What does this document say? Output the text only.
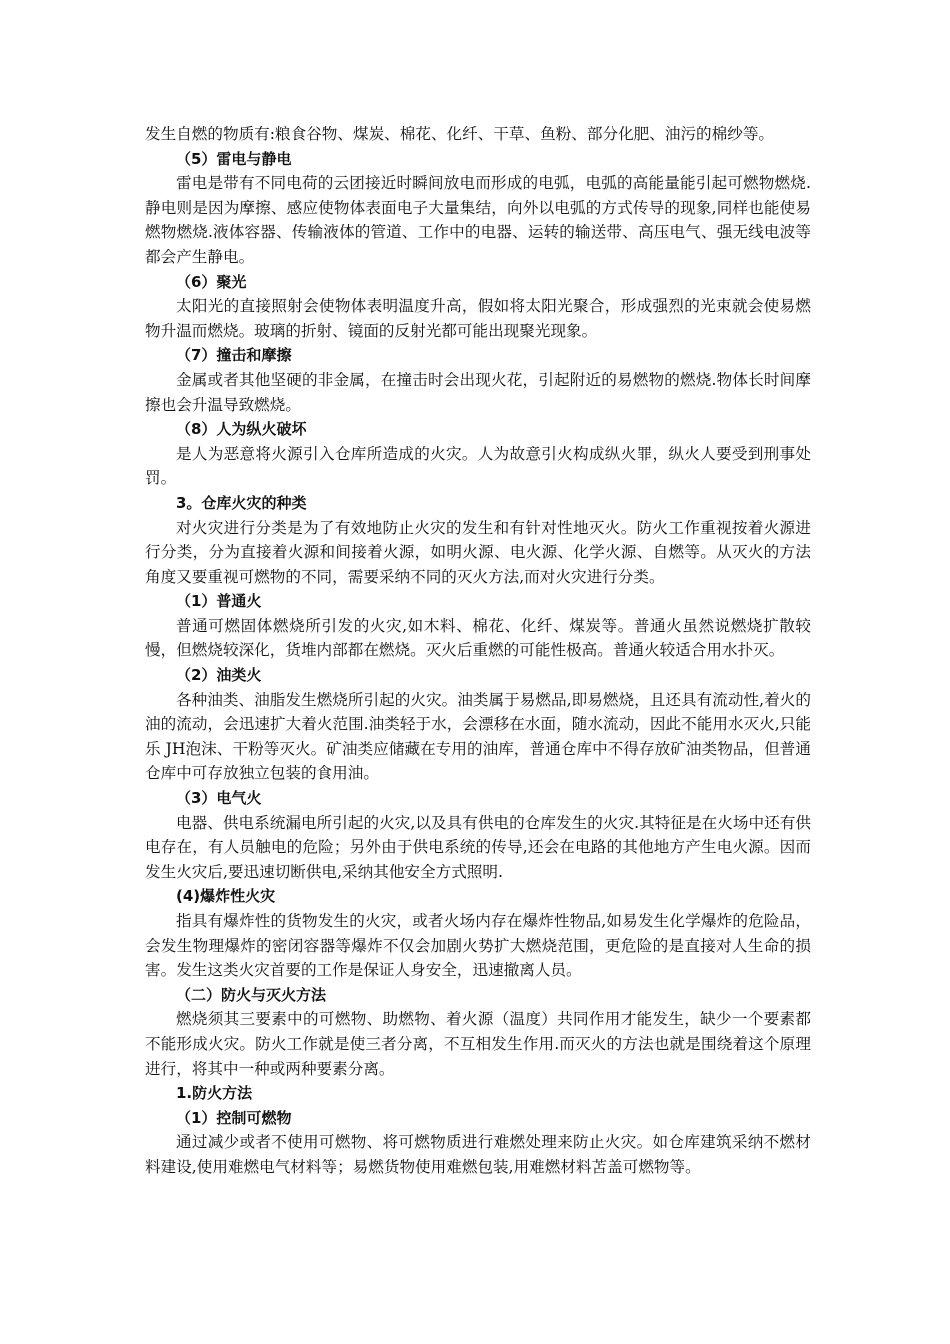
发生自燃的物质有:粮食谷物、煤炭、棉花、化纤、干草、鱼粉、部分化肥、油污的棉纱等。

（5）雷电与静电

雷电是带有不同电荷的云团接近时瞬间放电而形成的电弧，电弧的高能量能引起可燃物燃烧.静电则是因为摩擦、感应使物体表面电子大量集结，向外以电弧的方式传导的现象,同样也能使易燃物燃烧.液体容器、传输液体的管道、工作中的电器、运转的输送带、高压电气、强无线电波等都会产生静电。

（6）聚光

太阳光的直接照射会使物体表明温度升高，假如将太阳光聚合，形成强烈的光束就会使易燃物升温而燃烧。玻璃的折射、镜面的反射光都可能出现聚光现象。

（7）撞击和摩擦

金属或者其他坚硬的非金属，在撞击时会出现火花，引起附近的易燃物的燃烧.物体长时间摩擦也会升温导致燃烧。

（8）人为纵火破坏

是人为恶意将火源引入仓库所造成的火灾。人为故意引火构成纵火罪，纵火人要受到刑事处罚。

3。仓库火灾的种类

对火灾进行分类是为了有效地防止火灾的发生和有针对性地灭火。防火工作重视按着火源进行分类，分为直接着火源和间接着火源，如明火源、电火源、化学火源、自燃等。从灭火的方法角度又要重视可燃物的不同，需要采纳不同的灭火方法,而对火灾进行分类。

（1）普通火

普通可燃固体燃烧所引发的火灾,如木料、棉花、化纤、煤炭等。普通火虽然说燃烧扩散较慢，但燃烧较深化，货堆内部都在燃烧。灭火后重燃的可能性极高。普通火较适合用水扑灭。

（2）油类火

各种油类、油脂发生燃烧所引起的火灾。油类属于易燃品,即易燃烧，且还具有流动性,着火的油的流动，会迅速扩大着火范围.油类轻于水，会漂移在水面，随水流动，因此不能用水灭火,只能乐 JH泡沫、干粉等灭火。矿油类应储藏在专用的油库，普通仓库中不得存放矿油类物品，但普通仓库中可存放独立包装的食用油。

（3）电气火

电器、供电系统漏电所引起的火灾,以及具有供电的仓库发生的火灾.其特征是在火场中还有供电存在，有人员触电的危险；另外由于供电系统的传导,还会在电路的其他地方产生电火源。因而发生火灾后,要迅速切断供电,采纳其他安全方式照明.

(4)爆炸性火灾

指具有爆炸性的货物发生的火灾，或者火场内存在爆炸性物品,如易发生化学爆炸的危险品，会发生物理爆炸的密闭容器等爆炸不仅会加剧火势扩大燃烧范围，更危险的是直接对人生命的损害。发生这类火灾首要的工作是保证人身安全，迅速撤离人员。

（二）防火与灭火方法

燃烧须其三要素中的可燃物、助燃物、着火源（温度）共同作用才能发生，缺少一个要素都不能形成火灾。防火工作就是使三者分离，不互相发生作用.而灭火的方法也就是围绕着这个原理进行，将其中一种或两种要素分离。

1.防火方法

（1）控制可燃物

通过减少或者不使用可燃物、将可燃物质进行难燃处理来防止火灾。如仓库建筑采纳不燃材料建设,使用难燃电气材料等；易燃货物使用难燃包装,用难燃材料苫盖可燃物等。
